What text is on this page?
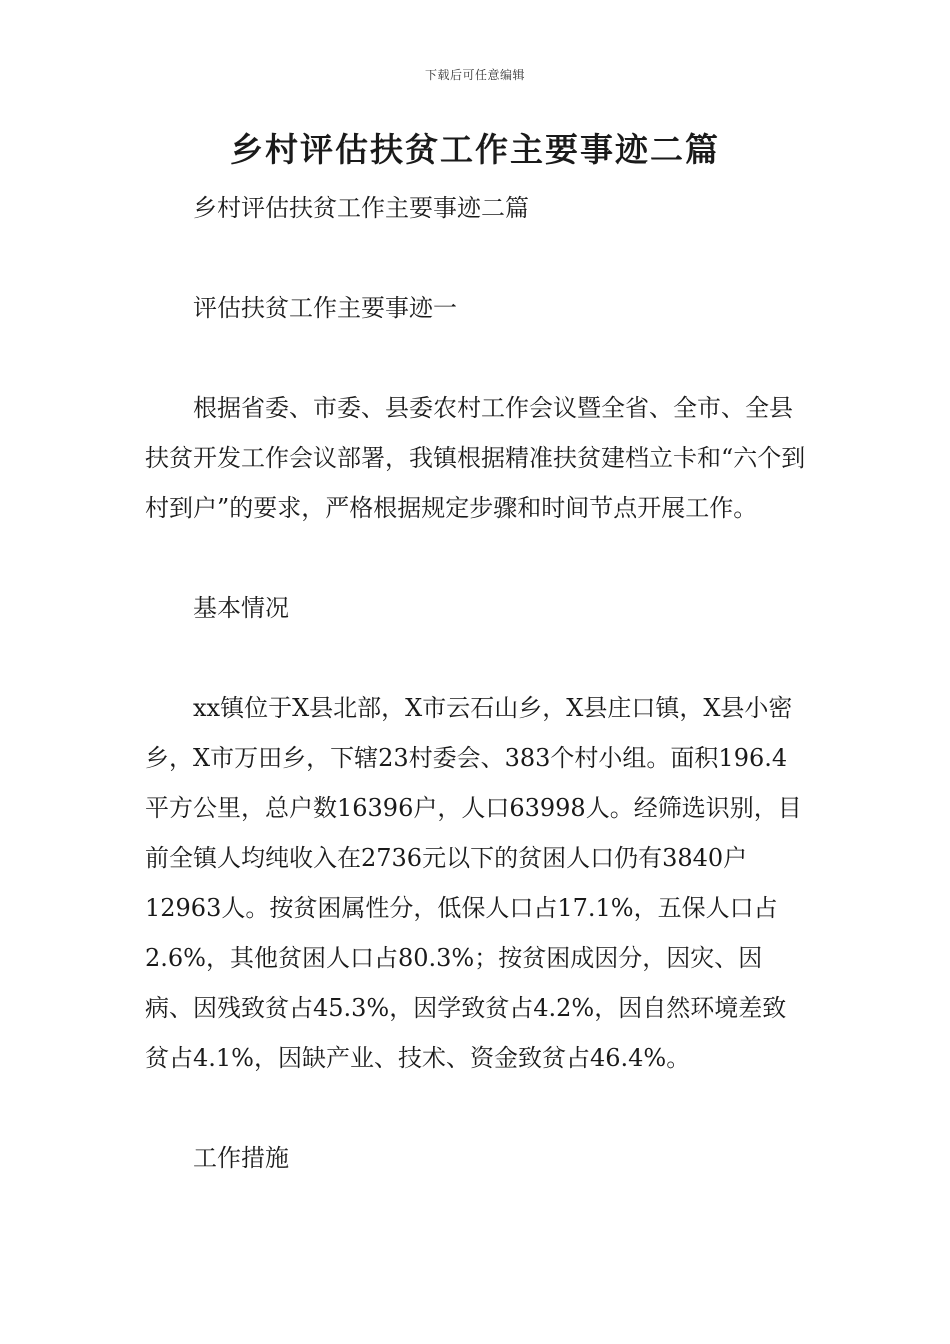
下载后可任意编辑
乡村评估扶贫工作主要事迹二篇

乡村评估扶贫工作主要事迹二篇

评估扶贫工作主要事迹一

根据省委、市委、县委农村工作会议暨全省、全市、全县扶贫开发工作会议部署，我镇根据精准扶贫建档立卡和“六个到村到户”的要求，严格根据规定步骤和时间节点开展工作。

基本情况

xx镇位于X县北部，X市云石山乡，X县庄口镇，X县小密乡，X市万田乡，下辖23村委会、383个村小组。面积196.4平方公里，总户数16396户，人口63998人。经筛选识别，目前全镇人均纯收入在2736元以下的贫困人口仍有3840户12963人。按贫困属性分，低保人口占17.1%，五保人口占2.6%，其他贫困人口占80.3%；按贫困成因分，因灾、因病、因残致贫占45.3%，因学致贫占4.2%，因自然环境差致贫占4.1%，因缺产业、技术、资金致贫占46.4%。

工作措施
